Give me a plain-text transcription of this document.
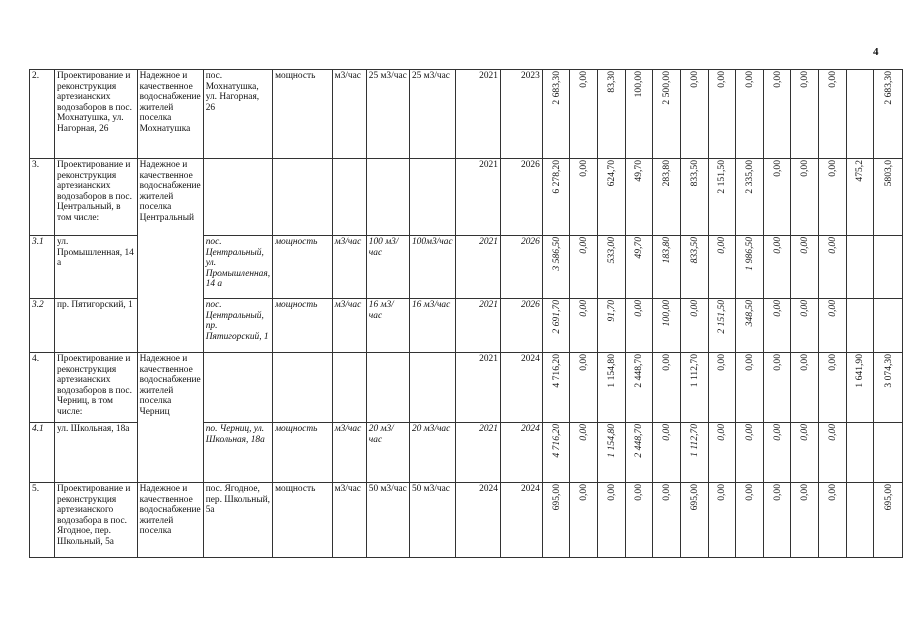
4
2.	Проектирование и реконструкция артезианских водозаборов в пос. Мохнатушка, ул. Нагорная, 26	Надежное и качественное водоснабжение жителей поселка Мохнатушка	пос. Мохнатушка, ул. Нагорная, 26	мощность	м3/час	25 м3/час	25 м3/час	2021	2023	2 683,30	0,00	83,30	100,00	2 500,00	0,00	0,00	0,00	0,00	0,00	0,00		2 683,30

3.	Проектирование и реконструкция артезианских водозаборов в пос. Центральный, в том числе:	Надежное и качественное водоснабжение жителей поселка Центральный						2021	2026	6 278,20	0,00	624,70	49,70	283,80	833,50	2 151,50	2 335,00	0,00	0,00	0,00	475,2	5803,0

3.1	ул. Промышленная, 14 а		пос. Центральный, ул. Промышленная, 14 а	мощность	м3/час	100 м3/час	100м3/час	2021	2026	3 586,50	0,00	533,00	49,70	183,80	833,50	0,00	1 986,50	0,00	0,00	0,00		

3.2	пр. Пятигорский, 1		пос. Центральный, пр. Пятигорский, 1	мощность	м3/час	16 м3/час	16 м3/час	2021	2026	2 691,70	0,00	91,70	0,00	100,00	0,00	2 151,50	348,50	0,00	0,00	0,00		

4.	Проектирование и реконструкция артезианских водозаборов в пос. Черниц, в том числе:	Надежное и качественное водоснабжение жителей поселка Черниц						2021	2024	4 716,20	0,00	1 154,80	2 448,70	0,00	1 112,70	0,00	0,00	0,00	0,00	0,00	1 641,90	3 074,30

4.1	ул. Школьная, 18а		по. Черниц, ул. Школьная, 18а	мощность	м3/час	20 м3/час	20 м3/час	2021	2024	4 716,20	0,00	1 154,80	2 448,70	0,00	1 112,70	0,00	0,00	0,00	0,00	0,00		

5.	Проектирование и реконструкция артезианского водозабора в пос. Ягодное, пер. Школьный, 5а	Надежное и качественное водоснабжение жителей поселка	пос. Ягодное, пер. Школьный, 5а	мощность	м3/час	50 м3/час	50 м3/час	2024	2024	695,00	0,00	0,00	0,00	0,00	695,00	0,00	0,00	0,00	0,00	0,00		695,00
